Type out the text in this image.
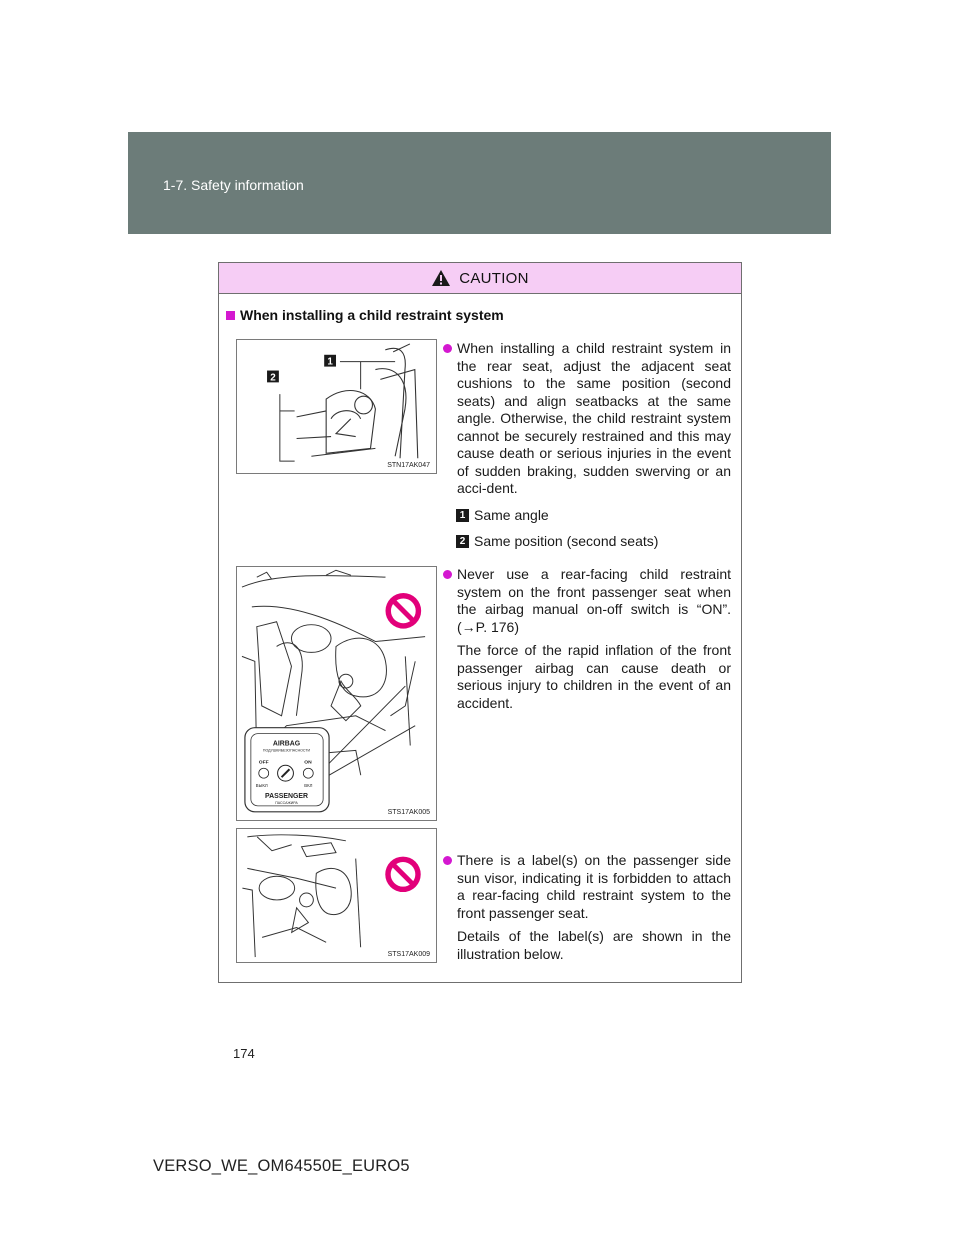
1-7. Safety information
CAUTION
When installing a child restraint system
1
2
STN17AK047
AIRBAG
ПОДУШКИБЕЗОПАСНОСТИ
OFF	ON
ВЫКЛ	ВКЛ
PASSENGER
ПАССАЖИРА
STS17AK005
STS17AK009
When installing a child restraint system in the rear seat, adjust the adjacent seat cushions to the same position (second seats) and align seatbacks at the same angle. Otherwise, the child restraint system cannot be securely restrained and this may cause death or serious injuries in the event of sudden braking, sudden swerving or an acci-dent.
1 Same angle
2 Same position (second seats)
Never use a rear-facing child restraint system on the front passenger seat when the airbag manual on-off switch is “ON”. (→P. 176)
The force of the rapid inflation of the front passenger airbag can cause death or serious injury to children in the event of an accident.
There is a label(s) on the passenger side sun visor, indicating it is forbidden to attach a rear-facing child restraint system to the front passenger seat.
Details of the label(s) are shown in the illustration below.
174
VERSO_WE_OM64550E_EURO5
